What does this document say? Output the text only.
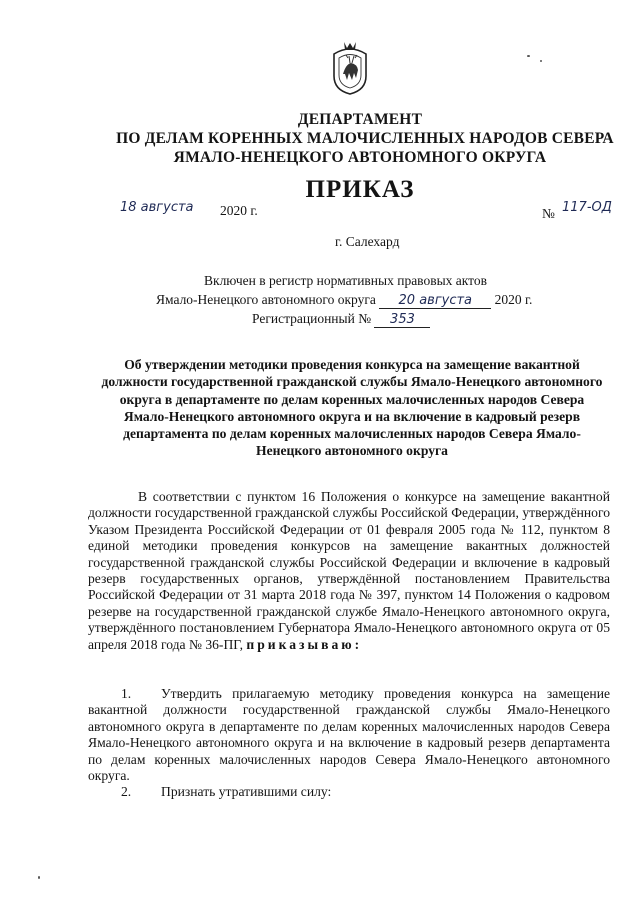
ДЕПАРТАМЕНТ
ПО ДЕЛАМ КОРЕННЫХ МАЛОЧИСЛЕННЫХ НАРОДОВ СЕВЕРА
ЯМАЛО-НЕНЕЦКОГО АВТОНОМНОГО ОКРУГА
ПРИКАЗ
18 августа 2020 г.	№ 117-ОД
г. Салехард
Включен в регистр нормативных правовых актов
Ямало-Ненецкого автономного округа 20 августа 2020 г.
Регистрационный № 353
Об утверждении методики проведения конкурса на замещение вакантной должности государственной гражданской службы Ямало-Ненецкого автономного округа в департаменте по делам коренных малочисленных народов Севера Ямало-Ненецкого автономного округа и на включение в кадровый резерв департамента по делам коренных малочисленных народов Севера Ямало-Ненецкого автономного округа
В соответствии с пунктом 16 Положения о конкурсе на замещение вакантной должности государственной гражданской службы Российской Федерации, утверждённого Указом Президента Российской Федерации от 01 февраля 2005 года № 112, пунктом 8 единой методики проведения конкурсов на замещение вакантных должностей государственной гражданской службы Российской Федерации и включение в кадровый резерв государственных органов, утверждённой постановлением Правительства Российской Федерации от 31 марта 2018 года № 397, пунктом 14 Положения о кадровом резерве на государственной гражданской службе Ямало-Ненецкого автономного округа, утверждённого постановлением Губернатора Ямало-Ненецкого автономного округа от 05 апреля 2018 года № 36-ПГ, приказываю:
1. Утвердить прилагаемую методику проведения конкурса на замещение вакантной должности государственной гражданской службы Ямало-Ненецкого автономного округа в департаменте по делам коренных малочисленных народов Севера Ямало-Ненецкого автономного округа и на включение в кадровый резерв департамента по делам коренных малочисленных народов Севера Ямало-Ненецкого автономного округа.
2. Признать утратившими силу:
